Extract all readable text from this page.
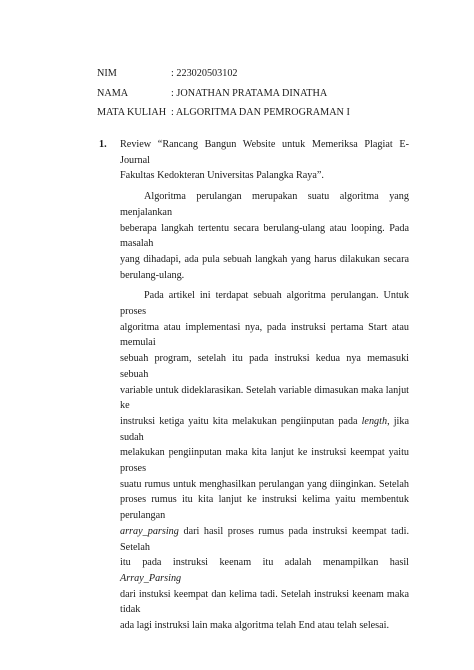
NIM	: 223020503102
NAMA	: JONATHAN PRATAMA DINATHA
MATA KULIAH : ALGORITMA DAN PEMROGRAMAN I
1.	Review “Rancang Bangun Website untuk Memeriksa Plagiat E-Journal
Fakultas Kedokteran Universitas Palangka Raya”.
Algoritma perulangan merupakan suatu algoritma yang menjalankan
beberapa langkah tertentu secara berulang-ulang atau looping. Pada masalah
yang dihadapi, ada pula sebuah langkah yang harus dilakukan secara
berulang-ulang.
Pada artikel ini terdapat sebuah algoritma perulangan. Untuk proses
algoritma atau implementasi nya, pada instruksi pertama Start atau memulai
sebuah program, setelah itu pada instruksi kedua nya memasuki sebuah
variable untuk dideklarasikan. Setelah variable dimasukan maka lanjut ke
instruksi ketiga yaitu kita melakukan pengiinputan pada length, jika sudah
melakukan pengiinputan maka kita lanjut ke instruksi keempat yaitu proses
suatu rumus untuk menghasilkan perulangan yang diinginkan. Setelah
proses rumus itu kita lanjut ke instruksi kelima yaitu membentuk perulangan
array_parsing dari hasil proses rumus pada instruksi keempat tadi. Setelah
itu pada instruksi keenam itu adalah menampilkan hasil Array_Parsing
dari instuksi keempat dan kelima tadi. Setelah instruksi keenam maka tidak
ada lagi instruksi lain maka algoritma telah End atau telah selesai.
